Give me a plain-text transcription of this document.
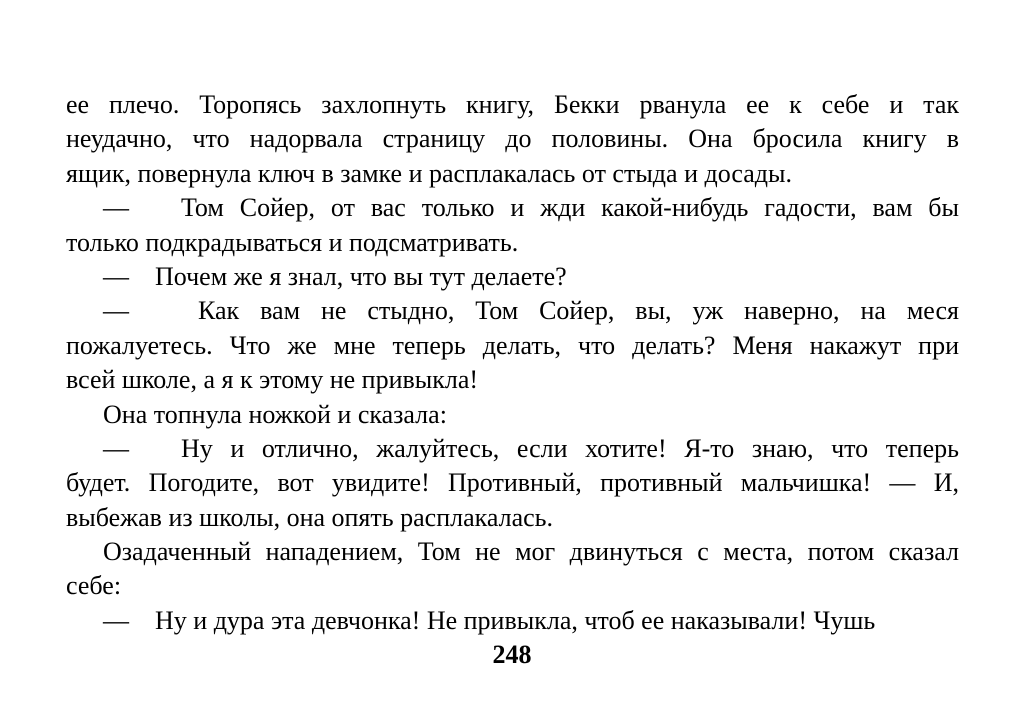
ее плечо. Торопясь захлопнуть книгу, Бекки рванула ее к себе и так
неудачно, что надорвала страницу до половины. Она бросила книгу в
ящик, повернула ключ в замке и расплакалась от стыда и досады.
—	Том Сойер, от вас только и жди какой-нибудь гадости, вам бы
только подкрадываться и подсматривать.
—	Почем же я знал, что вы тут делаете?
—	Как вам не стыдно, Том Сойер, вы, уж наверно, на меся
пожалуетесь. Что же мне теперь делать, что делать? Меня накажут при
всей школе, а я к этому не привыкла!
Она топнула ножкой и сказала:
—	Ну и отлично, жалуйтесь, если хотите! Я-то знаю, что теперь
будет. Погодите, вот увидите! Противный, противный мальчишка! — И,
выбежав из школы, она опять расплакалась.
Озадаченный нападением, Том не мог двинуться с места, потом сказал
себе:
—	Ну и дура эта девчонка! Не привыкла, чтоб ее наказывали! Чушь
248
